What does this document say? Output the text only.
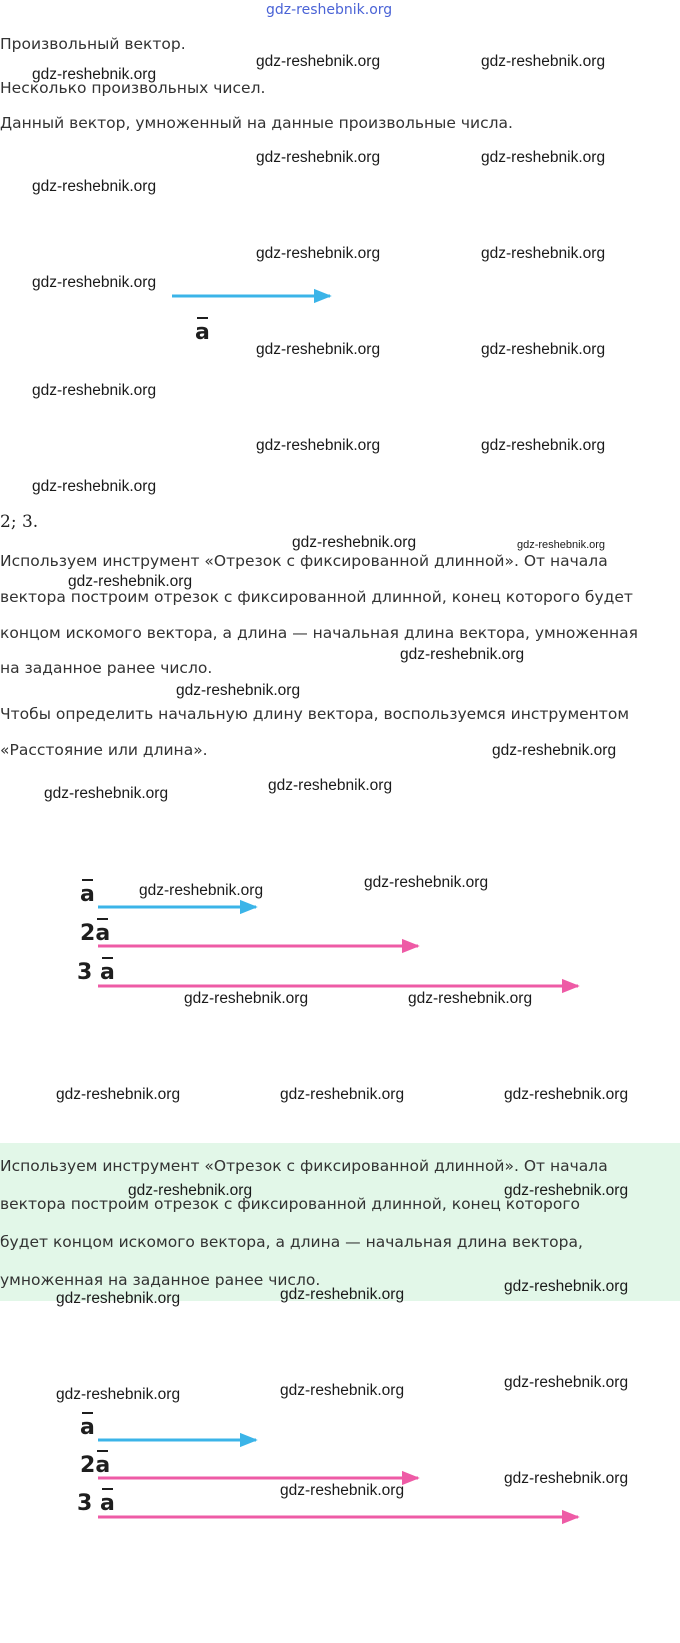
gdz-reshebnik.org
Произвольный вектор.
Несколько произвольных чисел.
Данный вектор, умноженный на данные произвольные числа.
a
2; 3.
Используем инструмент «Отрезок с фиксированной длинной». От начала
вектора построим отрезок с фиксированной длинной, конец которого будет
концом искомого вектора, а длина — начальная длина вектора, умноженная
на заданное ранее число.
Чтобы определить начальную длину вектора, воспользуемся инструментом
«Расстояние или длина».
a
2a
3 a
Используем инструмент «Отрезок с фиксированной длинной». От начала
вектора построим отрезок с фиксированной длинной, конец которого
будет концом искомого вектора, а длина — начальная длина вектора,
умноженная на заданное ранее число.
a
2a
3 a
gdz-reshebnik.org	gdz-reshebnik.org
gdz-reshebnik.org
gdz-reshebnik.org	gdz-reshebnik.org
gdz-reshebnik.org
gdz-reshebnik.org	gdz-reshebnik.org
gdz-reshebnik.org
gdz-reshebnik.org	gdz-reshebnik.org
gdz-reshebnik.org
gdz-reshebnik.org	gdz-reshebnik.org
gdz-reshebnik.org
gdz-reshebnik.org	gdz-reshebnik.org
gdz-reshebnik.org
gdz-reshebnik.org
gdz-reshebnik.org
gdz-reshebnik.org
gdz-reshebnik.org
gdz-reshebnik.org
gdz-reshebnik.org
gdz-reshebnik.org
gdz-reshebnik.org	gdz-reshebnik.org
gdz-reshebnik.org	gdz-reshebnik.org	gdz-reshebnik.org
gdz-reshebnik.org	gdz-reshebnik.org
gdz-reshebnik.org	gdz-reshebnik.org	gdz-reshebnik.org
gdz-reshebnik.org	gdz-reshebnik.org	gdz-reshebnik.org
gdz-reshebnik.org
gdz-reshebnik.org
